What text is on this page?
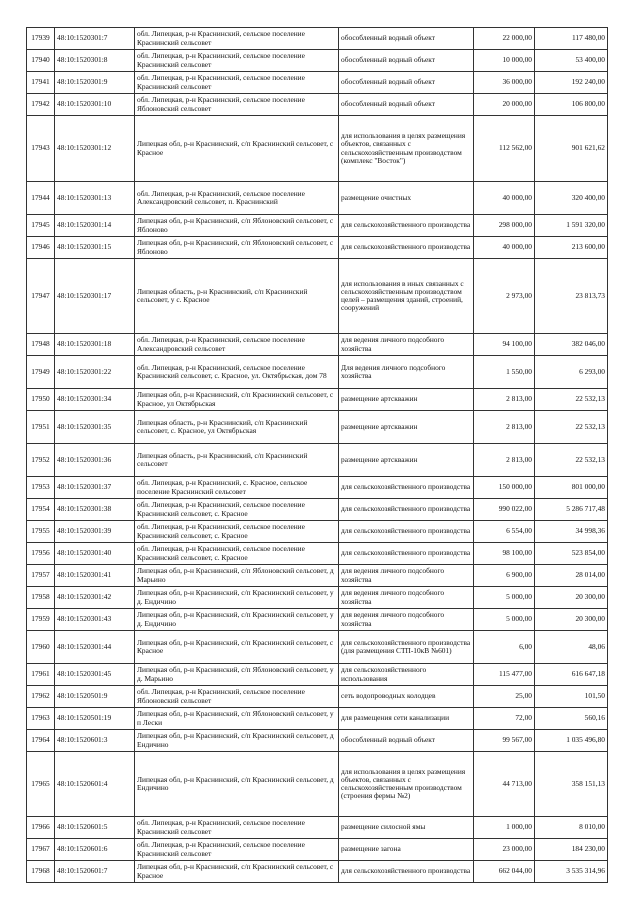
17939	48:10:1520301:7	обл. Липецкая, р-н Краснинский, сельское поселение Краснинский сельсовет	обособленный водный объект	22 000,00	117 480,00
17940	48:10:1520301:8	обл. Липецкая, р-н Краснинский, сельское поселение Краснинский сельсовет	обособленный водный объект	10 000,00	53 400,00
17941	48:10:1520301:9	обл. Липецкая, р-н Краснинский, сельское поселение Краснинский сельсовет	обособленный водный объект	36 000,00	192 240,00
17942	48:10:1520301:10	обл. Липецкая, р-н Краснинский, сельское поселение Яблоновский сельсовет	обособленный водный объект	20 000,00	106 800,00
17943	48:10:1520301:12	Липецкая обл, р-н Краснинский, с/п Краснинский сельсовет, с Красное	для использования в целях размещения объектов, связанных с сельскохозяйственным производством (комплекс "Восток")	112 562,00	901 621,62
17944	48:10:1520301:13	обл. Липецкая, р-н Краснинский, сельское поселение Александровский сельсовет, п. Краснинский	размещение очистных	40 000,00	320 400,00
17945	48:10:1520301:14	Липецкая обл, р-н Краснинский, с/п Яблоновский сельсовет, с Яблоново	для сельскохозяйственного производства	298 000,00	1 591 320,00
17946	48:10:1520301:15	Липецкая обл, р-н Краснинский, с/п Яблоновский сельсовет, с Яблоново	для сельскохозяйственного производства	40 000,00	213 600,00
17947	48:10:1520301:17	Липецкая область, р-н Краснинский, с/п Краснинский сельсовет, у с. Красное	для использования в иных связанных с сельскохозяйственным производством целей – размещения зданий, строений, сооружений	2 973,00	23 813,73
17948	48:10:1520301:18	обл. Липецкая, р-н Краснинский, сельское поселение Александровский сельсовет	для ведения личного подсобного хозяйства	94 100,00	382 046,00
17949	48:10:1520301:22	обл. Липецкая, р-н Краснинский, сельское поселение Краснинский сельсовет, с. Красное, ул. Октябрьская, дом 78	Для ведения личного подсобного хозяйства	1 550,00	6 293,00
17950	48:10:1520301:34	Липецкая обл, р-н Краснинский, с/п Краснинский сельсовет, с Красное, ул Октябрьская	размещение артскважин	2 813,00	22 532,13
17951	48:10:1520301:35	Липецкая область, р-н Краснинский, с/п Краснинский сельсовет, с. Красное, ул Октябрьская	размещение артскважин	2 813,00	22 532,13
17952	48:10:1520301:36	Липецкая область, р-н Краснинский, с/п Краснинский сельсовет	размещение артскважин	2 813,00	22 532,13
17953	48:10:1520301:37	обл. Липецкая, р-н Краснинский, с. Красное, сельское поселение Краснинский сельсовет	для сельскохозяйственного производства	150 000,00	801 000,00
17954	48:10:1520301:38	обл. Липецкая, р-н Краснинский, сельское поселение Краснинский сельсовет, с. Красное	для сельскохозяйственного производства	990 022,00	5 286 717,48
17955	48:10:1520301:39	обл. Липецкая, р-н Краснинский, сельское поселение Краснинский сельсовет, с. Красное	для сельскохозяйственного производства	6 554,00	34 998,36
17956	48:10:1520301:40	обл. Липецкая, р-н Краснинский, сельское поселение Краснинский сельсовет, с. Красное	для сельскохозяйственного производства	98 100,00	523 854,00
17957	48:10:1520301:41	Липецкая обл, р-н Краснинский, с/п Яблоновский сельсовет, д Марьино	для ведения личного подсобного хозяйства	6 900,00	28 014,00
17958	48:10:1520301:42	Липецкая обл, р-н Краснинский, с/п Краснинский сельсовет, у д. Ендичино	для ведения личного подсобного хозяйства	5 000,00	20 300,00
17959	48:10:1520301:43	Липецкая обл, р-н Краснинский, с/п Краснинский сельсовет, у д. Ендичино	для ведения личного подсобного хозяйства	5 000,00	20 300,00
17960	48:10:1520301:44	Липецкая обл, р-н Краснинский, с/п Краснинский сельсовет, с Красное	для сельскохозяйственного производства (для размещения СТП-10кВ №601)	6,00	48,06
17961	48:10:1520301:45	Липецкая обл, р-н Краснинский, с/п Яблоновский сельсовет, у д. Марьино	для сельскохозяйственного использования	115 477,00	616 647,18
17962	48:10:1520501:9	обл. Липецкая, р-н Краснинский, сельское поселение Яблоновский сельсовет	сеть водопроводных колодцев	25,00	101,50
17963	48:10:1520501:19	Липецкая обл, р-н Краснинский, с/п Яблоновский сельсовет, у п Лески	для размещения сети канализации	72,00	560,16
17964	48:10:1520601:3	Липецкая обл, р-н Краснинский, с/п Краснинский сельсовет, д Ендичино	обособленный водный объект	99 567,00	1 035 496,80
17965	48:10:1520601:4	Липецкая обл, р-н Краснинский, с/п Краснинский сельсовет, д Ендичино	для использования в целях размещения объектов, связанных с сельскохозяйственным производством (строения фермы №2)	44 713,00	358 151,13
17966	48:10:1520601:5	обл. Липецкая, р-н Краснинский, сельское поселение Краснинский сельсовет	размещение силосной ямы	1 000,00	8 010,00
17967	48:10:1520601:6	обл. Липецкая, р-н Краснинский, сельское поселение Краснинский сельсовет	размещение загона	23 000,00	184 230,00
17968	48:10:1520601:7	Липецкая обл, р-н Краснинский, с/п Краснинский сельсовет, с Красное	для сельскохозяйственного производства	662 044,00	3 535 314,96
